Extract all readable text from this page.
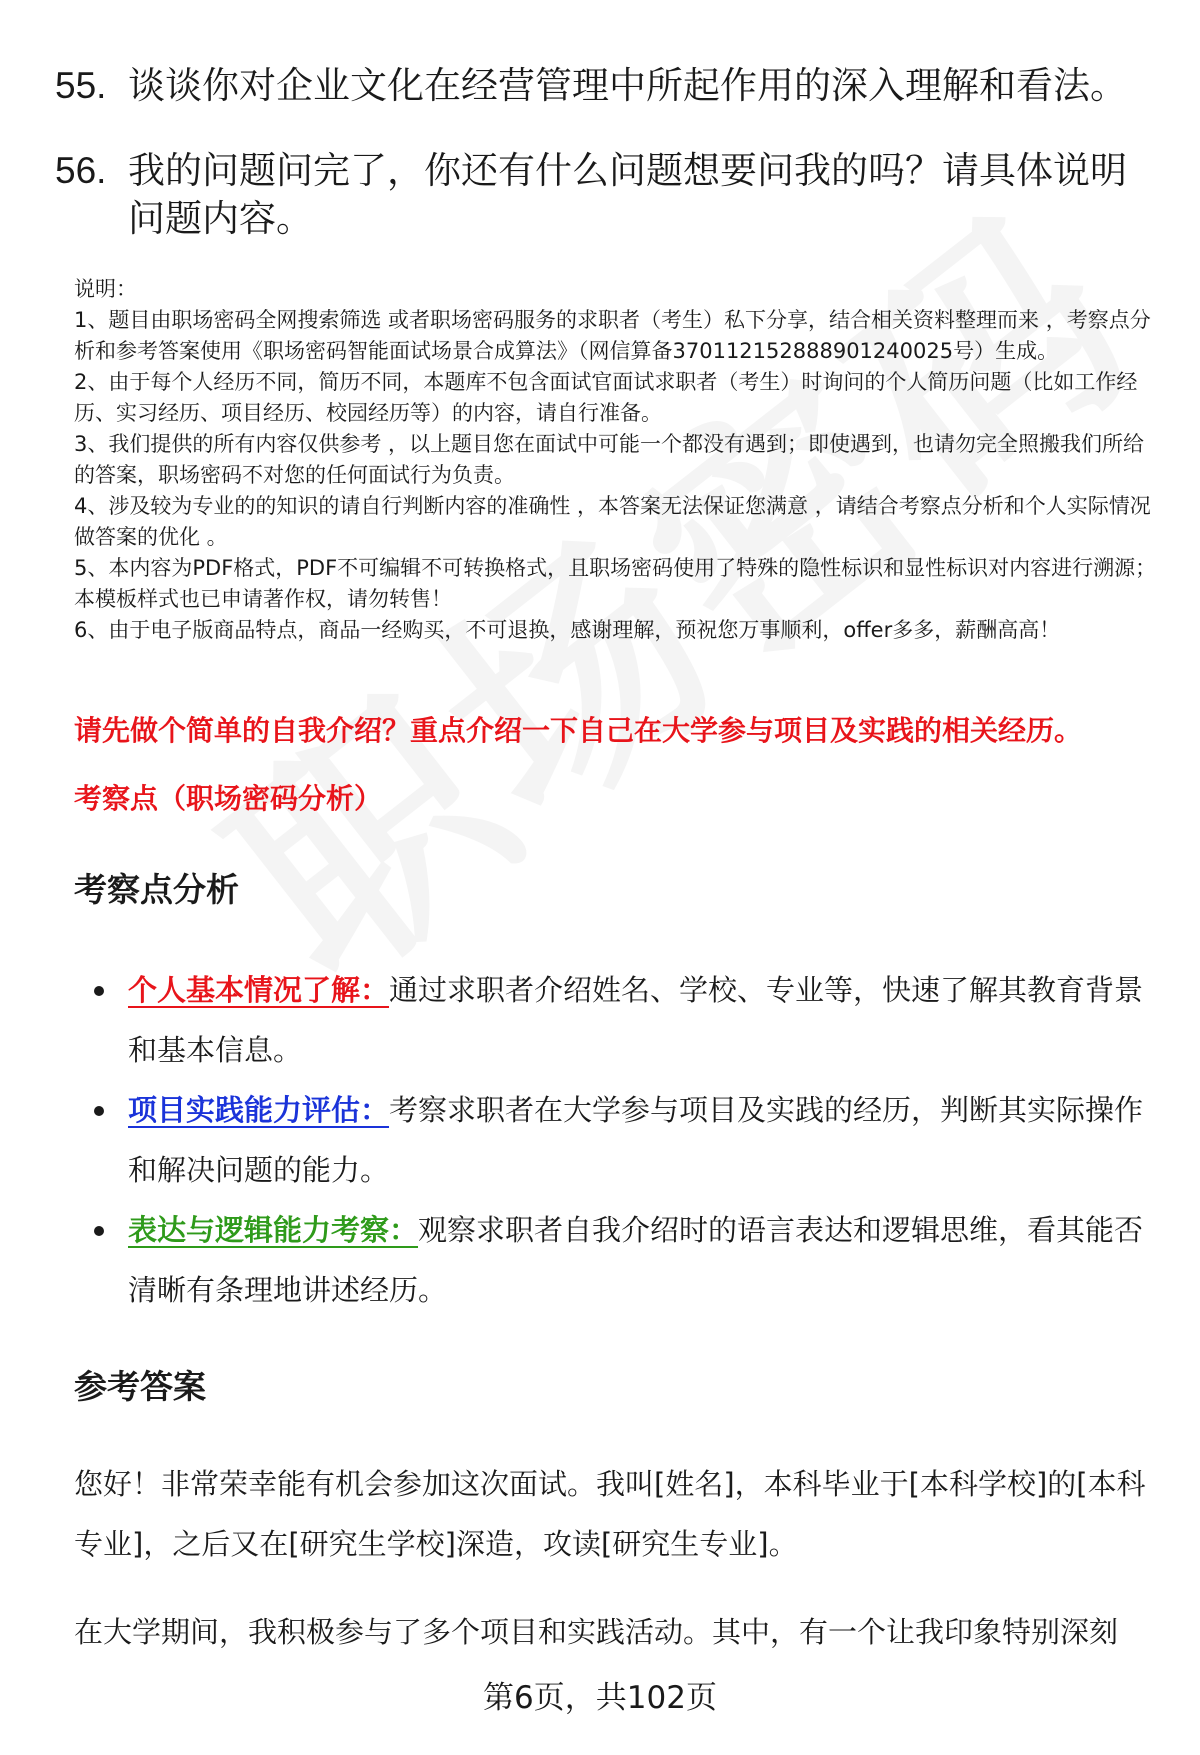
55. 谈谈你对企业文化在经营管理中所起作用的深入理解和看法。
56. 我的问题问完了，你还有什么问题想要问我的吗？请具体说明问题内容。

说明：

1、题目由职场密码全网搜索筛选 或者职场密码服务的求职者（考生）私下分享，结合相关资料整理而来 ，考察点分析和参考答案使用《职场密码智能面试场景合成算法》（网信算备370112152888901240025号）生成。

2、由于每个人经历不同，简历不同，本题库不包含面试官面试求职者（考生）时询问的个人简历问题（比如工作经历、实习经历、项目经历、校园经历等）的内容，请自行准备。

3、我们提供的所有内容仅供参考 ，以上题目您在面试中可能一个都没有遇到；即使遇到，也请勿完全照搬我们所给的答案，职场密码不对您的任何面试行为负责。

4、涉及较为专业的的知识的请自行判断内容的准确性 ，本答案无法保证您满意 ，请结合考察点分析和个人实际情况做答案的优化 。

5、本内容为PDF格式，PDF不可编辑不可转换格式，且职场密码使用了特殊的隐性标识和显性标识对内容进行溯源；本模板样式也已申请著作权，请勿转售！

6、由于电子版商品特点，商品一经购买，不可退换，感谢理解，预祝您万事顺利，offer多多，薪酬高高！

请先做个简单的自我介绍？重点介绍一下自己在大学参与项目及实践的相关经历。
考察点（职场密码分析）
考察点分析
个人基本情况了解：通过求职者介绍姓名、学校、专业等，快速了解其教育背景和基本信息。
项目实践能力评估：考察求职者在大学参与项目及实践的经历，判断其实际操作和解决问题的能力。
表达与逻辑能力考察：观察求职者自我介绍时的语言表达和逻辑思维，看其能否清晰有条理地讲述经历。
参考答案

您好！非常荣幸能有机会参加这次面试。我叫[姓名]，本科毕业于[本科学校]的[本科专业]，之后又在[研究生学校]深造，攻读[研究生专业]。

在大学期间，我积极参与了多个项目和实践活动。其中，有一个让我印象特别深刻

第6页，共102页
